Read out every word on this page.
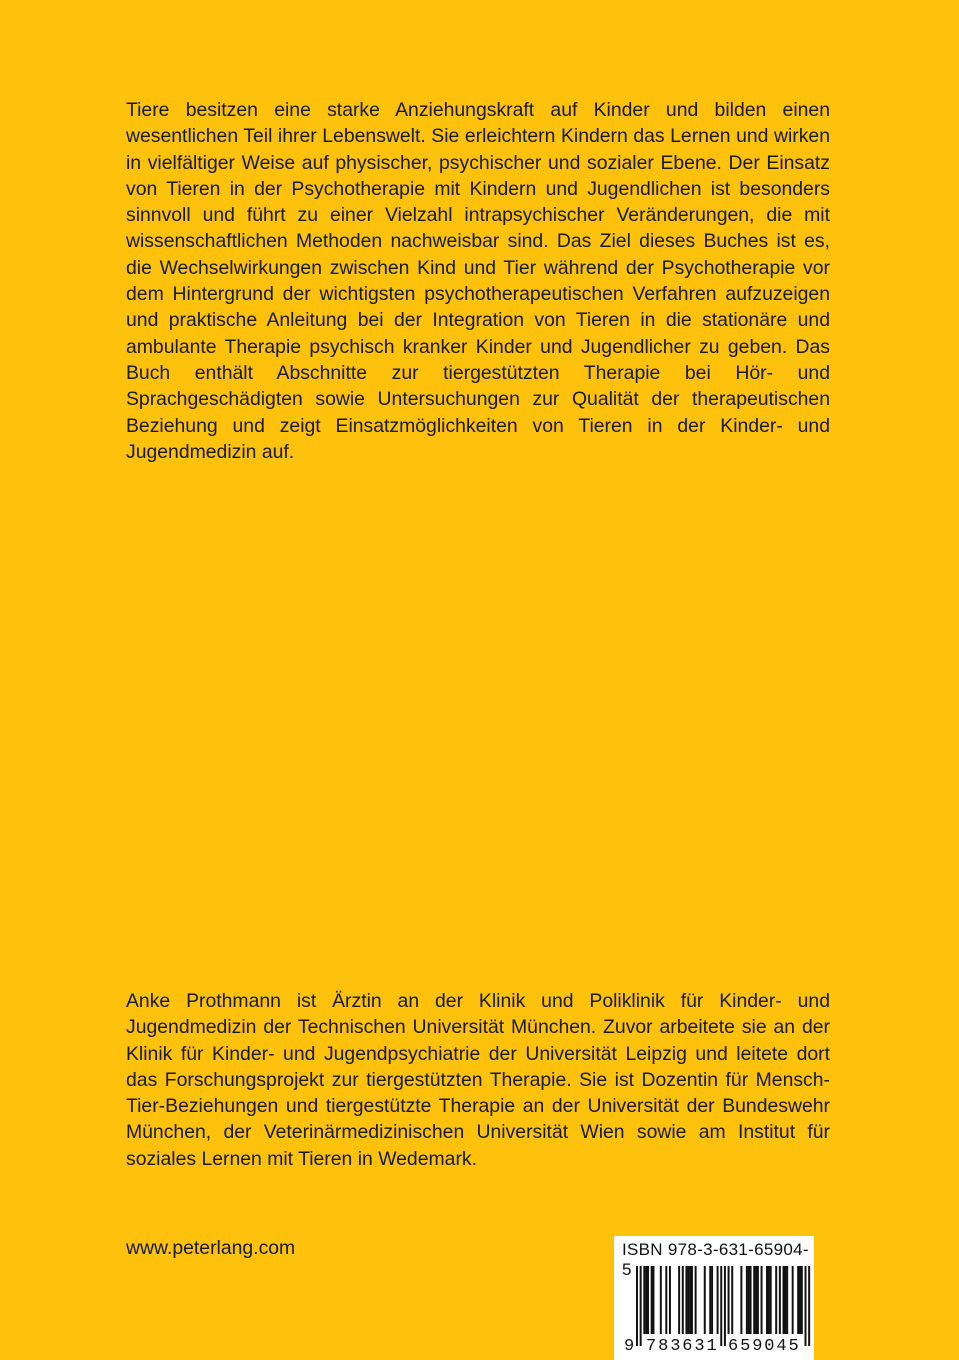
Tiere besitzen eine starke Anziehungskraft auf Kinder und bilden einen wesentlichen Teil ihrer Lebenswelt. Sie erleichtern Kindern das Lernen und wirken in vielfältiger Weise auf physischer, psychischer und sozialer Ebene. Der Einsatz von Tieren in der Psychotherapie mit Kindern und Jugendlichen ist besonders sinnvoll und führt zu einer Vielzahl intrapsychischer Veränderungen, die mit wissenschaftlichen Methoden nachweisbar sind. Das Ziel dieses Buches ist es, die Wechselwirkungen zwischen Kind und Tier während der Psychotherapie vor dem Hintergrund der wichtigsten psychotherapeutischen Verfahren aufzuzeigen und praktische Anleitung bei der Integration von Tieren in die stationäre und ambulante Therapie psychisch kranker Kinder und Jugendlicher zu geben. Das Buch enthält Abschnitte zur tiergestützten Therapie bei Hör- und Sprachgeschädigten sowie Untersuchungen zur Qualität der therapeutischen Beziehung und zeigt Einsatzmöglichkeiten von Tieren in der Kinder- und Jugendmedizin auf.

Anke Prothmann ist Ärztin an der Klinik und Poliklinik für Kinder- und Jugendmedizin der Technischen Universität München. Zuvor arbeitete sie an der Klinik für Kinder- und Jugendpsychiatrie der Universität Leipzig und leitete dort das Forschungsprojekt zur tiergestützten Therapie. Sie ist Dozentin für Mensch-Tier-Beziehungen und tiergestützte Therapie an der Universität der Bundeswehr München, der Veterinärmedizinischen Universität Wien sowie am Institut für soziales Lernen mit Tieren in Wedemark.

www.peterlang.com	ISBN 978-3-631-65904-5
9 783631 659045
